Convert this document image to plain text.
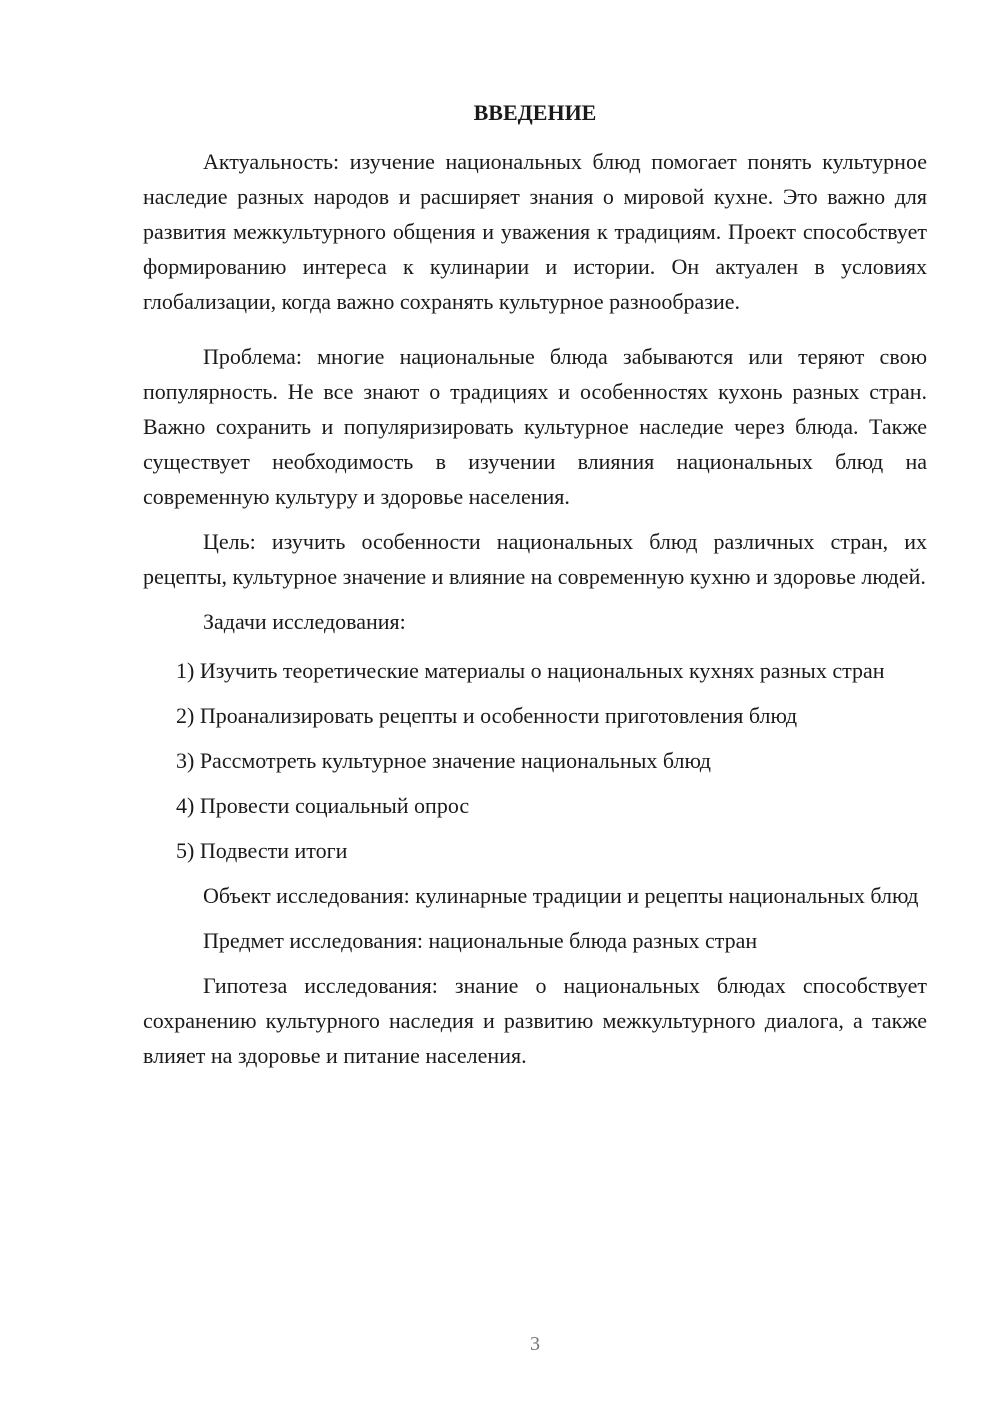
ВВЕДЕНИЕ

Актуальность: изучение национальных блюд помогает понять культурное наследие разных народов и расширяет знания о мировой кухне. Это важно для развития межкультурного общения и уважения к традициям. Проект способствует формированию интереса к кулинарии и истории. Он актуален в условиях глобализации, когда важно сохранять культурное разнообразие.

Проблема: многие национальные блюда забываются или теряют свою популярность. Не все знают о традициях и особенностях кухонь разных стран. Важно сохранить и популяризировать культурное наследие через блюда. Также существует необходимость в изучении влияния национальных блюд на современную культуру и здоровье населения.

Цель: изучить особенности национальных блюд различных стран, их рецепты, культурное значение и влияние на современную кухню и здоровье людей.

Задачи исследования:

1) Изучить теоретические материалы о национальных кухнях разных стран
2) Проанализировать рецепты и особенности приготовления блюд
3) Рассмотреть культурное значение национальных блюд
4) Провести социальный опрос
5) Подвести итоги

Объект исследования: кулинарные традиции и рецепты национальных блюд

Предмет исследования: национальные блюда разных стран

Гипотеза исследования: знание о национальных блюдах способствует сохранению культурного наследия и развитию межкультурного диалога, а также влияет на здоровье и питание населения.

3
